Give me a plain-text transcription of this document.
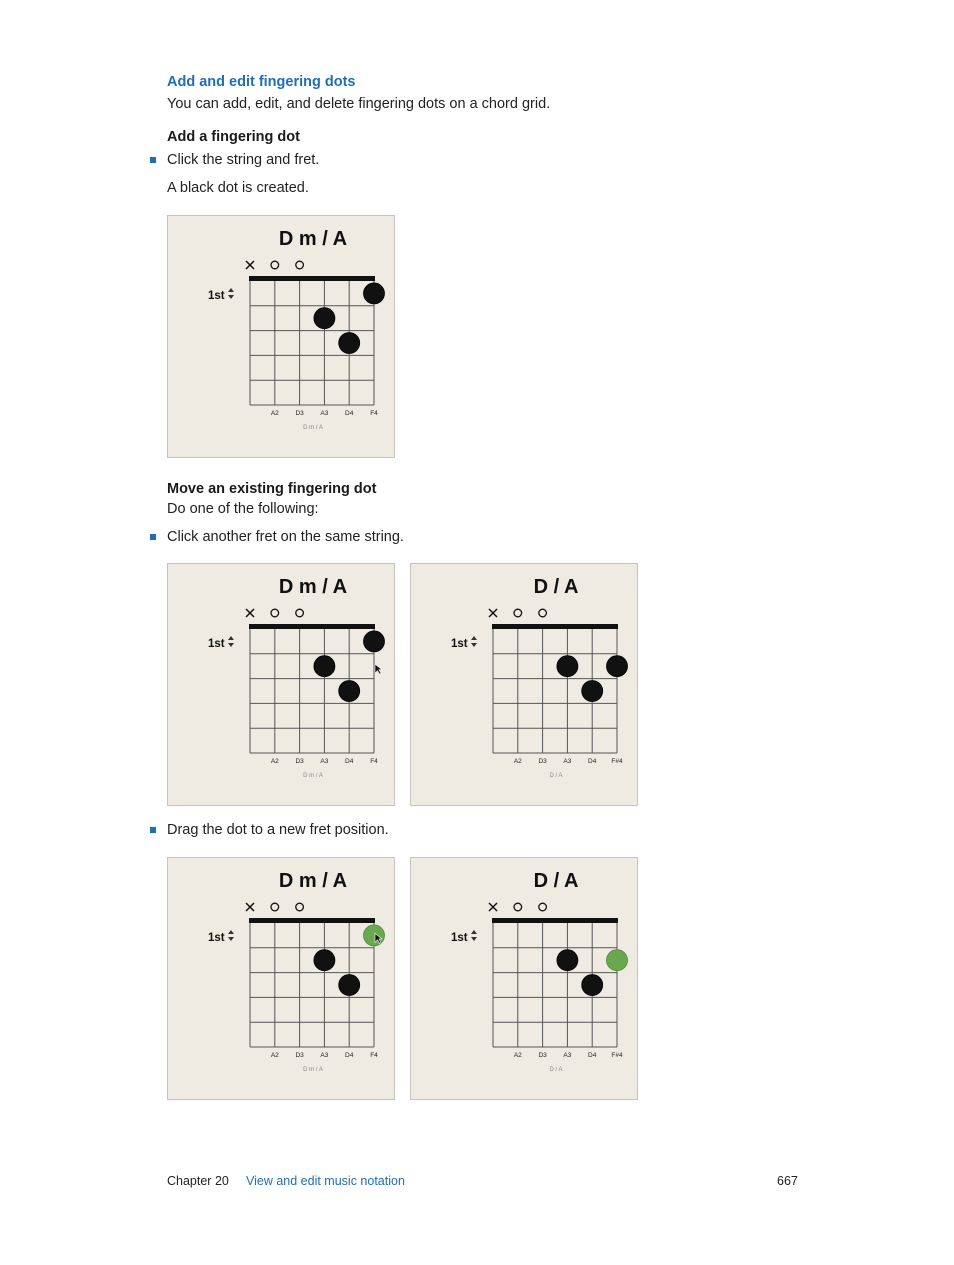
Add and edit fingering dots
You can add, edit, and delete fingering dots on a chord grid.
Add a fingering dot
Click the string and fret.
A black dot is created.
D m / A
1st
A2	D3	A3	D4	F4
D m / A
Move an existing fingering dot
Do one of the following:
Click another fret on the same string.
D m / A
1st
A2	D3	A3	D4	F4
D m / A
D / A
1st
A2	D3	A3	D4 F#4
D / A
Drag the dot to a new fret position.
D m / A
1st
A2	D3	A3	D4	F4
D m / A
D / A
1st
A2	D3	A3	D4 F#4
D / A
Chapter 20 View and edit music notation	667
